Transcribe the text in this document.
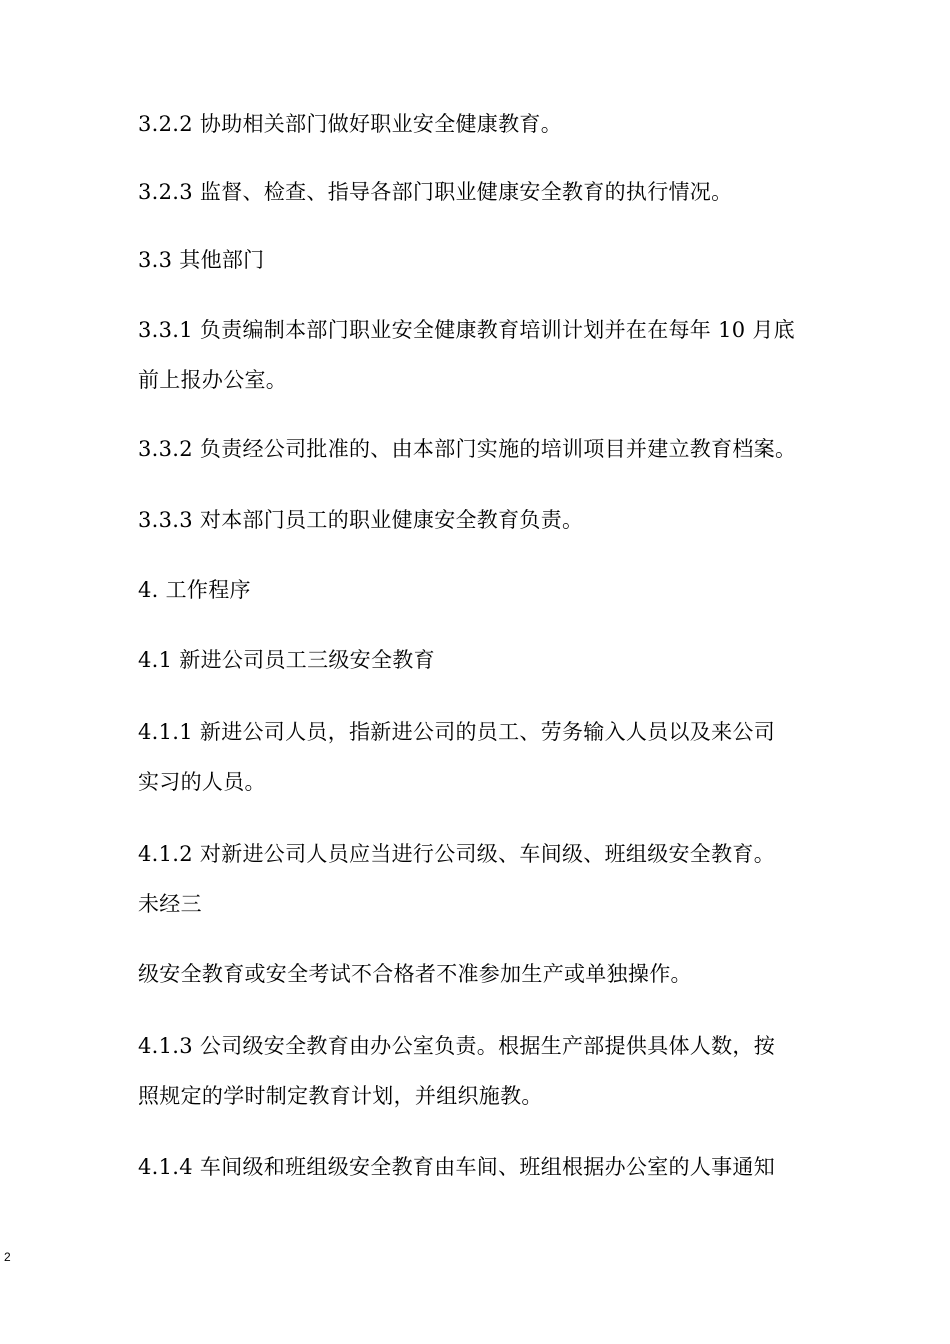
3.2.2 协助相关部门做好职业安全健康教育。
3.2.3 监督、检查、指导各部门职业健康安全教育的执行情况。
3.3 其他部门
3.3.1 负责编制本部门职业安全健康教育培训计划并在在每年 10 月底
前上报办公室。
3.3.2 负责经公司批准的、由本部门实施的培训项目并建立教育档案。
3.3.3 对本部门员工的职业健康安全教育负责。
4. 工作程序
4.1 新进公司员工三级安全教育
4.1.1 新进公司人员，指新进公司的员工、劳务输入人员以及来公司
实习的人员。
4.1.2 对新进公司人员应当进行公司级、车间级、班组级安全教育。
未经三
级安全教育或安全考试不合格者不准参加生产或单独操作。
4.1.3 公司级安全教育由办公室负责。根据生产部提供具体人数，按
照规定的学时制定教育计划，并组织施教。
4.1.4 车间级和班组级安全教育由车间、班组根据办公室的人事通知
2
